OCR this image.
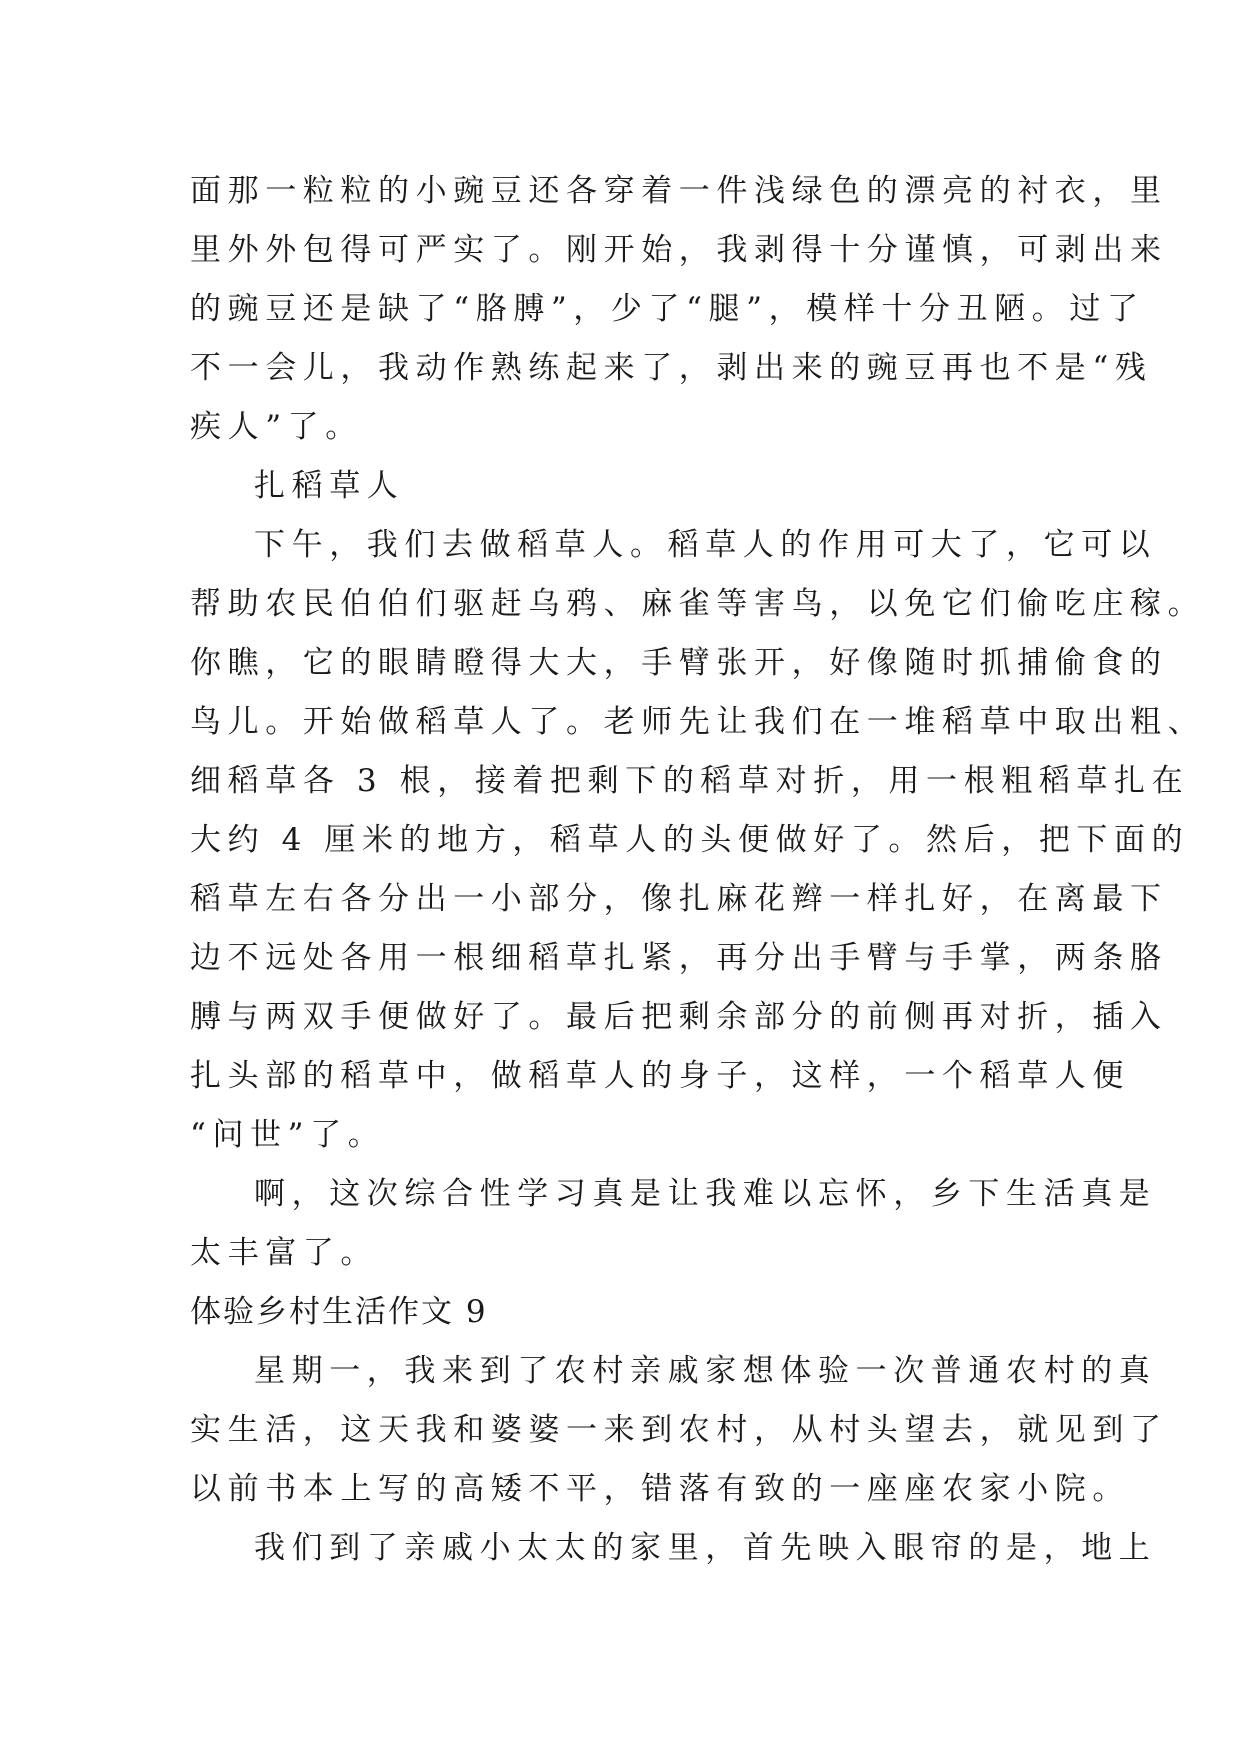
面那一粒粒的小豌豆还各穿着一件浅绿色的漂亮的衬衣，里
里外外包得可严实了。刚开始，我剥得十分谨慎，可剥出来
的豌豆还是缺了“胳膊”，少了“腿”，模样十分丑陋。过了
不一会儿，我动作熟练起来了，剥出来的豌豆再也不是“残
疾人”了。
扎稻草人
下午，我们去做稻草人。稻草人的作用可大了，它可以
帮助农民伯伯们驱赶乌鸦、麻雀等害鸟，以免它们偷吃庄稼。
你瞧，它的眼睛瞪得大大，手臂张开，好像随时抓捕偷食的
鸟儿。开始做稻草人了。老师先让我们在一堆稻草中取出粗、
细稻草各 3 根，接着把剩下的稻草对折，用一根粗稻草扎在
大约 4 厘米的地方，稻草人的头便做好了。然后，把下面的
稻草左右各分出一小部分，像扎麻花辫一样扎好，在离最下
边不远处各用一根细稻草扎紧，再分出手臂与手掌，两条胳
膊与两双手便做好了。最后把剩余部分的前侧再对折，插入
扎头部的稻草中，做稻草人的身子，这样，一个稻草人便
“问世”了。
啊，这次综合性学习真是让我难以忘怀，乡下生活真是
太丰富了。
体验乡村生活作文 9
星期一，我来到了农村亲戚家想体验一次普通农村的真
实生活，这天我和婆婆一来到农村，从村头望去，就见到了
以前书本上写的高矮不平，错落有致的一座座农家小院。
我们到了亲戚小太太的家里，首先映入眼帘的是，地上
